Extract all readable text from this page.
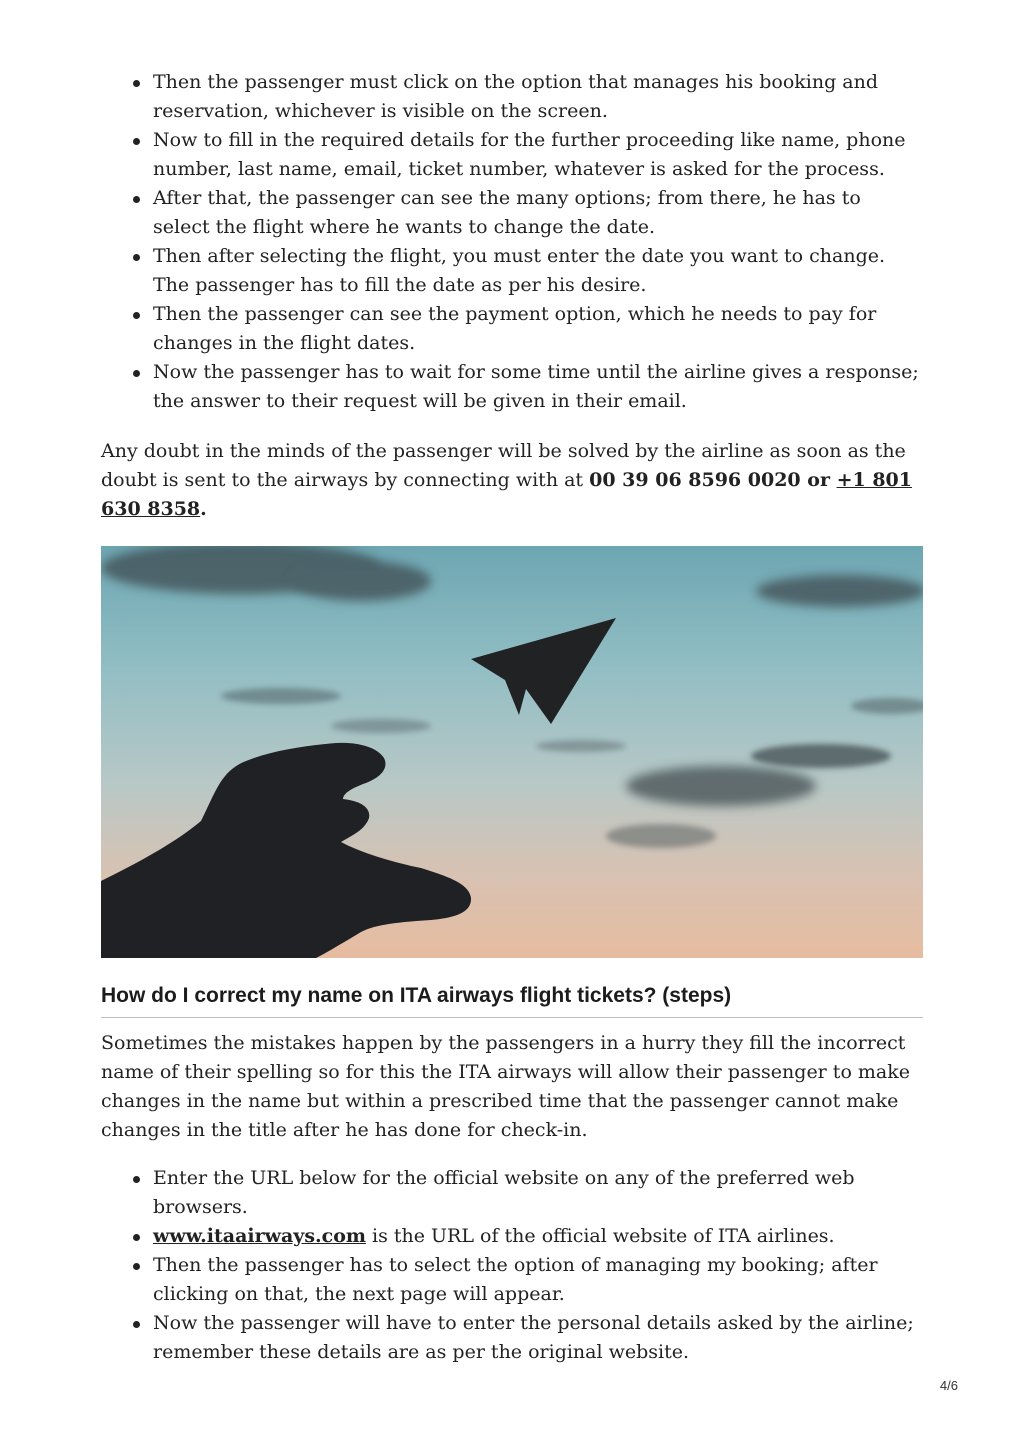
Then the passenger must click on the option that manages his booking and reservation, whichever is visible on the screen.
Now to fill in the required details for the further proceeding like name, phone number, last name, email, ticket number, whatever is asked for the process.
After that, the passenger can see the many options; from there, he has to select the flight where he wants to change the date.
Then after selecting the flight, you must enter the date you want to change. The passenger has to fill the date as per his desire.
Then the passenger can see the payment option, which he needs to pay for changes in the flight dates.
Now the passenger has to wait for some time until the airline gives a response; the answer to their request will be given in their email.

Any doubt in the minds of the passenger will be solved by the airline as soon as the doubt is sent to the airways by connecting with at 00 39 06 8596 0020 or +1 801 630 8358.

How do I correct my name on ITA airways flight tickets? (steps)

Sometimes the mistakes happen by the passengers in a hurry they fill the incorrect name of their spelling so for this the ITA airways will allow their passenger to make changes in the name but within a prescribed time that the passenger cannot make changes in the title after he has done for check-in.

Enter the URL below for the official website on any of the preferred web browsers.
www.itaairways.com is the URL of the official website of ITA airlines.
Then the passenger has to select the option of managing my booking; after clicking on that, the next page will appear.
Now the passenger will have to enter the personal details asked by the airline; remember these details are as per the original website.
4/6
